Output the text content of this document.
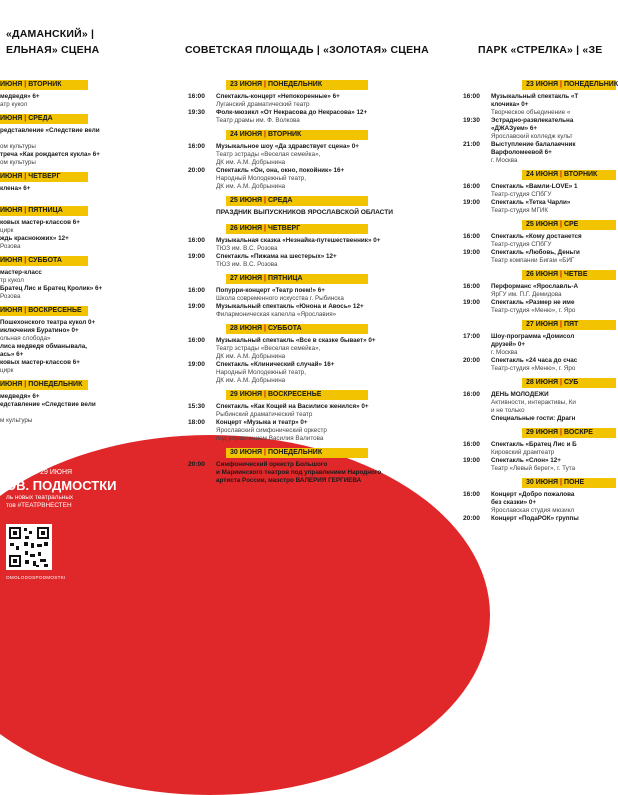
«ДАМАНСКИЙ» |
ЕЛЬНАЯ» СЦЕНА
ИЮНЯ | ВТОРНИК
медведя» 6+
атр кукол
ИЮНЯ | СРЕДА
редставление «Следствие вели
ом культуры
тpeча «Как рождается кукла» 6+
ом культуры
ИЮНЯ | ЧЕТВЕРГ
клена» 6+
ИЮНЯ | ПЯТНИЦА
ковых мастер-классов 6+
цирк
ждь красноюжих» 12+
Розова
ИЮНЯ | СУББОТА
мастер-класс
тр кукол
Братец Лис и Братец Кролик» 6+
Розова
ИЮНЯ | ВОСКРЕСЕНЬЕ
Пошехонского театра кукол 0+
иключения Буратино» 0+
ольная слобода»
лиса медведя обманывала,
ась» 6+
ковых мастер-классов 6+
цирк
ИЮНЯ | ПОНЕДЕЛЬНИК
медведя» 6+
едставление «Следствие вели
м культуры
28-29 ИЮНЯ
ОВ. ПОДМОСТКИ
ль новых театральных
тов #ТЕАТРВНЕСТЕН
OMOLODOSPODMOSTKI
СОВЕТСКАЯ ПЛОЩАДЬ | «ЗОЛОТАЯ» СЦЕНА
23 ИЮНЯ | ПОНЕДЕЛЬНИК
16:00 Спектакль-концерт «Непокоренные» 6+
Луганский драматический театр
19:30 Фолк-мюзикл «От Некрасова до Некрасова» 12+
Театр драмы им. Ф. Волкова
24 ИЮНЯ | ВТОРНИК
16:00 Музыкальное шоу «Да здравствует сцена» 0+
Театр эстрады «Веселая семейка»,
ДК им. А.М. Добрынина
20:00 Спектакль «Он, она, окно, покойник» 16+
Народный Молодежный театр,
ДК им. А.М. Добрынина
25 ИЮНЯ | СРЕДА
ПРАЗДНИК ВЫПУСКНИКОВ ЯРОСЛАВСКОЙ ОБЛАСТИ
26 ИЮНЯ | ЧЕТВЕРГ
16:00 Музыкальная сказка «Незнайка-путешественник» 0+
ТЮЗ им. В.С. Розова
19:00 Спектакль «Пижама на шестерых» 12+
ТЮЗ им. В.С. Розова
27 ИЮНЯ | ПЯТНИЦА
16:00 Попурри-концерт «Театр поем!» 6+
Школа современного искусства г. Рыбинска
19:00 Музыкальный спектакль «Юнона и Авось» 12+
Филармоническая капелла «Ярославия»
28 ИЮНЯ | СУББОТА
16:00 Музыкальный спектакль «Все в сказке бывает» 0+
Театр эстрады «Веселая семейка»,
ДК им. А.М. Добрынина
19:00 Спектакль «Клинический случай» 16+
Народный Молодежный театр,
ДК им. А.М. Добрынина
29 ИЮНЯ | ВОСКРЕСЕНЬЕ
15:30 Спектакль «Как Кощей на Василисе женился» 0+
Рыбинский драматический театр
18:00 Концерт «Музыка и театр» 0+
Ярославский симфонический оркестр
под управлением Василия Валитова
30 ИЮНЯ | ПОНЕДЕЛЬНИК
20:00 Симфонический оркестр Большого
и Мариинского театров под управлением Народного
артиста России, маэстро ВАЛЕРИЯ ГЕРГИЕВА
ПАРК «СТРЕЛКА» | «ЗЕ
23 ИЮНЯ | ПОНЕДЕЛЬНИК
16:00 Музыкальный спектакль «Т
клочика» 0+
Творческое объединение «
19:30 Эстрадно-развлекательна
«ДЖАЗуем» 6+
Ярославский колледж культ
21:00 Выступление балалаечник
Варфоломеевой 6+
г. Москва
24 ИЮНЯ | ВТОРНИК
16:00 Спектакль «Вамли-LOVE» 1
Театр-студия СПбГУ
19:00 Спектакль «Тетка Чарли»
Театр-студия МГИК
25 ИЮНЯ | СРЕ
16:00 Спектакль «Кому достанется
Театр-студия СПбГУ
19:00 Спектакль «Любовь, Деньги
Театр компании Бигам «БИГ
26 ИЮНЯ | ЧЕТВЕ
16:00 Перформанс «Ярославль-А
ЯрГУ им. П.Г. Демидова
19:00 Спектакль «Размер не име
Театр-студия «Меню», г. Яро
27 ИЮНЯ | ПЯТ
17:00 Шоу-программа «Домисол
друзей» 0+
г. Москва
20:00 Спектакль «24 часа до счас
Театр-студия «Меню», г. Яро
28 ИЮНЯ | СУБ
16:00 ДЕНЬ МОЛОДЕЖИ
Активности, интерактивы, Ки
и не только
Специальные гости: Драгн
29 ИЮНЯ | ВОСКРЕ
16:00 Спектакль «Братец Лис и Б
Кировский драмтеатр
19:00 Спектакль «Слон» 12+
Театр «Левый берег», г. Тута
30 ИЮНЯ | ПОНЕ
16:00 Концерт «Добро пожалова
без сказки» 0+
Ярославская студия мюзикл
20:00 Концерт «ПодаРОК» группы
